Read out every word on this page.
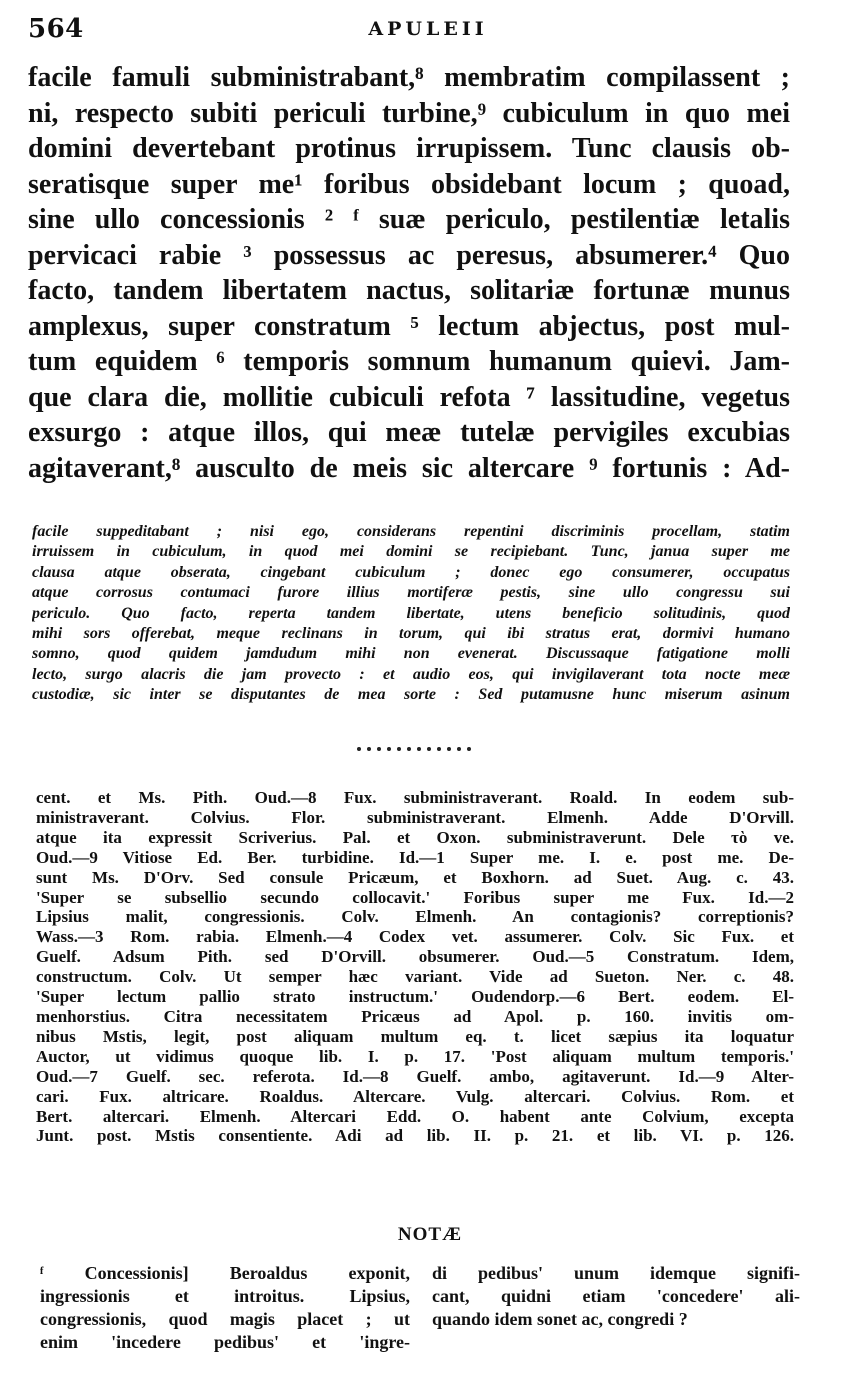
564	APULEII
facile famuli subministrabant,⁸ membratim compilassent ;
ni, respecto subiti periculi turbine,⁹ cubiculum in quo mei
domini devertebant protinus irrupissem. Tunc clausis ob-
seratisque super me¹ foribus obsidebant locum ; quoad,
sine ullo concessionis ² ᶠ suæ periculo, pestilentiæ letalis
pervicaci rabie ³ possessus ac peresus, absumerer.⁴ Quo
facto, tandem libertatem nactus, solitariæ fortunæ munus
amplexus, super constratum ⁵ lectum abjectus, post mul-
tum equidem ⁶ temporis somnum humanum quievi. Jam-
que clara die, mollitie cubiculi refota ⁷ lassitudine, vegetus
exsurgo : atque illos, qui meæ tutelæ pervigiles excubias
agitaverant,⁸ ausculto de meis sic altercare ⁹ fortunis : Ad-
facile suppeditabant ; nisi ego, considerans repentini discriminis procellam, statim
irruissem in cubiculum, in quod mei domini se recipiebant. Tunc, janua super me
clausa atque obserata, cingebant cubiculum ; donec ego consumerer, occupatus
atque corrosus contumaci furore illius mortiferæ pestis, sine ullo congressu sui
periculo. Quo facto, reperta tandem libertate, utens beneficio solitudinis, quod
mihi sors offerebat, meque reclinans in torum, qui ibi stratus erat, dormivi humano
somno, quod quidem jamdudum mihi non evenerat. Discussaque fatigatione molli
lecto, surgo alacris die jam provecto : et audio eos, qui invigilaverant tota nocte meæ
custodiæ, sic inter se disputantes de mea sorte : Sed putamusne hunc miserum asinum
cent. et Ms. Pith. Oud.—8 Fux. subministraverant. Roald. In eodem sub-
ministraverant. Colvius. Flor. subministraverant. Elmenh. Adde D'Orvill.
atque ita expressit Scriverius. Pal. et Oxon. subministraverunt. Dele τὸ ve.
Oud.—9 Vitiose Ed. Ber. turbidine. Id.—1 Super me. I. e. post me. De-
sunt Ms. D'Orv. Sed consule Pricæum, et Boxhorn. ad Suet. Aug. c. 43.
'Super se subsellio secundo collocavit.' Foribus super me Fux. Id.—2
Lipsius malit, congressionis. Colv. Elmenh. An contagionis? correptionis?
Wass.—3 Rom. rabia. Elmenh.—4 Codex vet. assumerer. Colv. Sic Fux. et
Guelf. Adsum Pith. sed D'Orvill. obsumerer. Oud.—5 Constratum. Idem,
constructum. Colv. Ut semper hæc variant. Vide ad Sueton. Ner. c. 48.
'Super lectum pallio strato instructum.' Oudendorp.—6 Bert. eodem. El-
menhorstius. Citra necessitatem Pricæus ad Apol. p. 160. invitis om-
nibus Mstis, legit, post aliquam multum eq. t. licet sæpius ita loquatur
Auctor, ut vidimus quoque lib. I. p. 17. 'Post aliquam multum temporis.'
Oud.—7 Guelf. sec. referota. Id.—8 Guelf. ambo, agitaverunt. Id.—9 Alter-
cari. Fux. altricare. Roaldus. Altercare. Vulg. altercari. Colvius. Rom. et
Bert. altercari. Elmenh. Altercari Edd. O. habent ante Colvium, excepta
Junt. post. Mstis consentiente. Adi ad lib. II. p. 21. et lib. VI. p. 126.
NOTÆ
ᶠ Concessionis] Beroaldus exponit,
ingressionis et introitus. Lipsius,
congressionis, quod magis placet ; ut
enim 'incedere pedibus' et 'ingre-
di pedibus' unum idemque signifi-
cant, quidni etiam 'concedere' ali-
quando idem sonet ac, congredi ?
